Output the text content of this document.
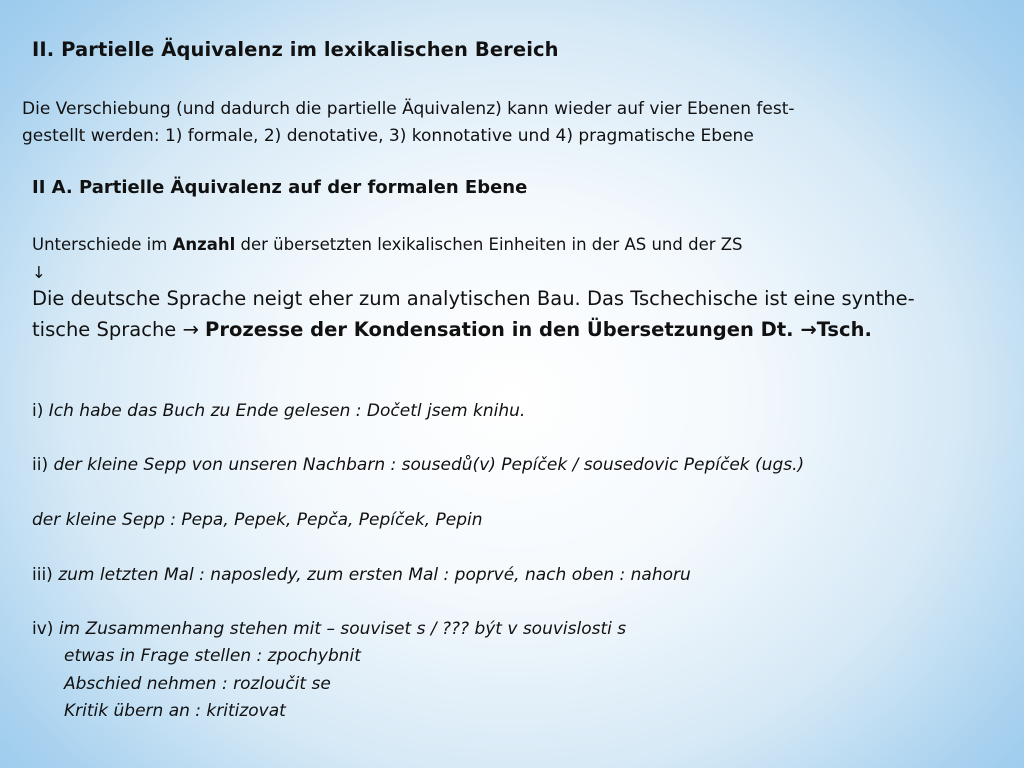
II. Partielle Äquivalenz im lexikalischen Bereich

Die Verschiebung (und dadurch die partielle Äquivalenz) kann wieder auf vier Ebenen fest-

gestellt werden: 1) formale, 2) denotative, 3) konnotative und 4) pragmatische Ebene

II A. Partielle Äquivalenz auf der formalen Ebene

Unterschiede im Anzahl der übersetzten lexikalischen Einheiten in der AS und der ZS

↓

Die deutsche Sprache neigt eher zum analytischen Bau. Das Tschechische ist eine synthe-

tische Sprache → Prozesse der Kondensation in den Übersetzungen Dt. →Tsch.

i) Ich habe das Buch zu Ende gelesen : Dočetl jsem knihu.

ii) der kleine Sepp von unseren Nachbarn : sousedů(v) Pepíček / sousedovic Pepíček (ugs.)

der kleine Sepp : Pepa, Pepek, Pepča, Pepíček, Pepin

iii) zum letzten Mal : naposledy, zum ersten Mal : poprvé, nach oben : nahoru

iv) im Zusammenhang stehen mit – souviset s / ??? být v souvislosti s

etwas in Frage stellen : zpochybnit

Abschied nehmen : rozloučit se

Kritik übern an : kritizovat
